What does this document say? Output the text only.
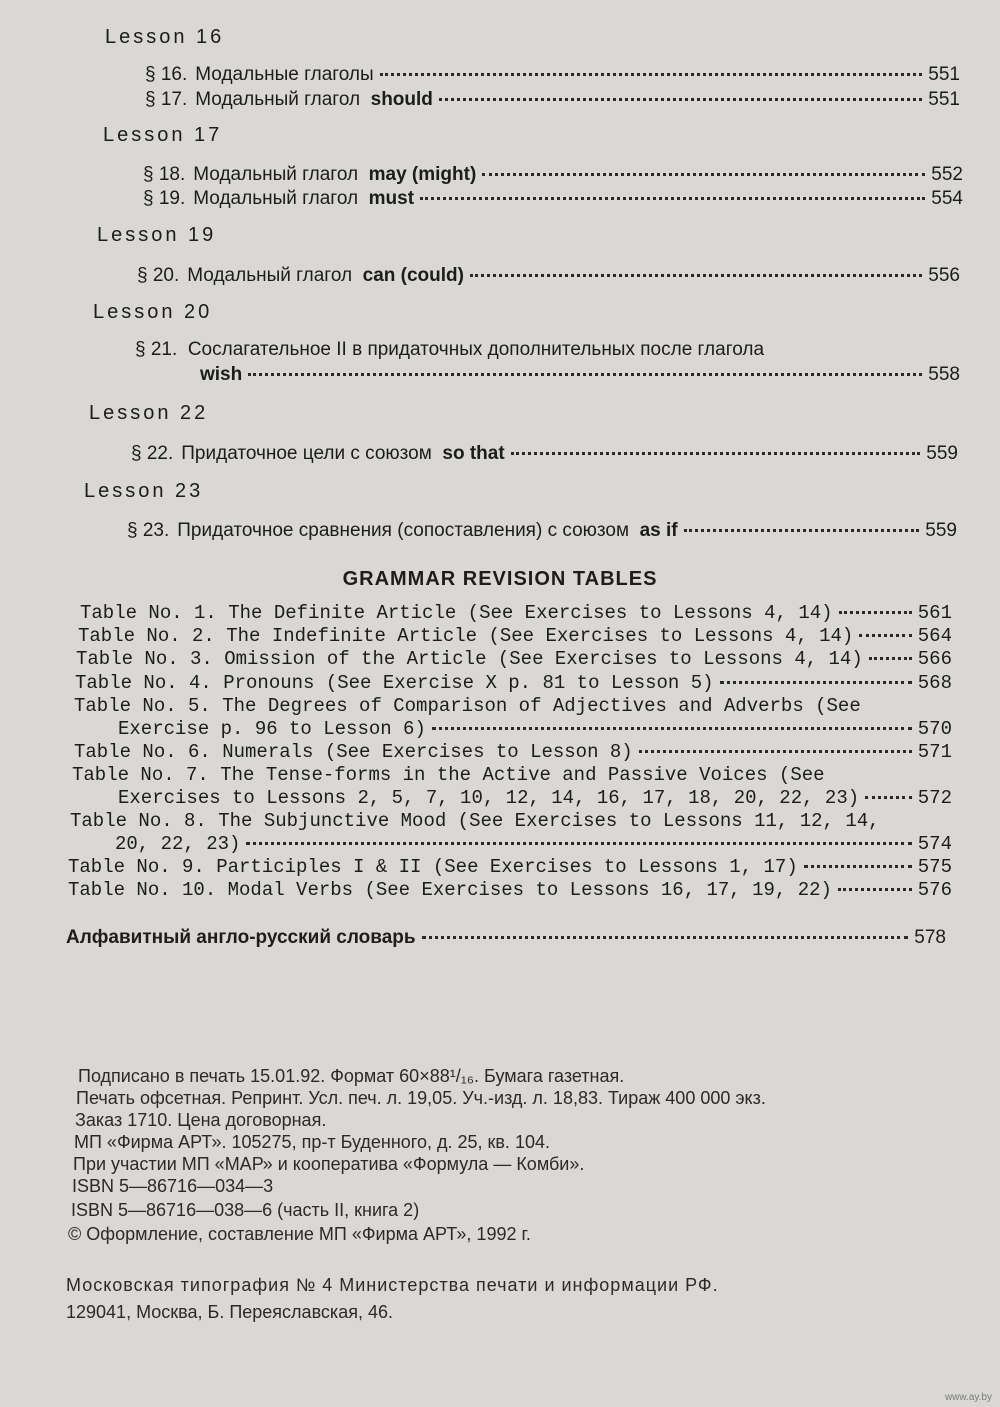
Lesson 16
§ 16. Модальные глаголы	551
§ 17. Модальный глагол should	551
Lesson 17
§ 18. Модальный глагол may (might)	552
§ 19. Модальный глагол must	554
Lesson 19
§ 20. Модальный глагол can (could)	556
Lesson 20
§ 21. Сослагательное II в придаточных дополнительных после глагола
wish	558
Lesson 22
§ 22. Придаточное цели с союзом so that	559
Lesson 23
§ 23. Придаточное сравнения (сопоставления) с союзом as if	559
GRAMMAR REVISION TABLES
Table No. 1. The Definite Article (See Exercises to Lessons 4, 14)	561
Table No. 2. The Indefinite Article (See Exercises to Lessons 4, 14)	564
Table No. 3. Omission of the Article (See Exercises to Lessons 4, 14)	566
Table No. 4. Pronouns (See Exercise X p. 81 to Lesson 5)	568
Table No. 5. The Degrees of Comparison of Adjectives and Adverbs (See
Exercise p. 96 to Lesson 6)	570
Table No. 6. Numerals (See Exercises to Lesson 8)	571
Table No. 7. The Tense-forms in the Active and Passive Voices (See
Exercises to Lessons 2, 5, 7, 10, 12, 14, 16, 17, 18, 20, 22, 23)	572
Table No. 8. The Subjunctive Mood (See Exercises to Lessons 11, 12, 14,
20, 22, 23)	574
Table No. 9. Participles I & II (See Exercises to Lessons 1, 17)	575
Table No. 10. Modal Verbs (See Exercises to Lessons 16, 17, 19, 22)	576
Алфавитный англо-русский словарь	578
Подписано в печать 15.01.92. Формат 60×88¹/₁₆. Бумага газетная.
Печать офсетная. Репринт. Усл. печ. л. 19,05. Уч.-изд. л. 18,83. Тираж 400 000 экз.
Заказ 1710. Цена договорная.
МП «Фирма АРТ». 105275, пр-т Буденного, д. 25, кв. 104.
При участии МП «МАР» и кооператива «Формула — Комби».
ISBN 5—86716—034—3
ISBN 5—86716—038—6 (часть II, книга 2)
© Оформление, составление МП «Фирма АРТ», 1992 г.
Московская типография № 4 Министерства печати и информации РФ.
129041, Москва, Б. Переяславская, 46.
www.ay.by
